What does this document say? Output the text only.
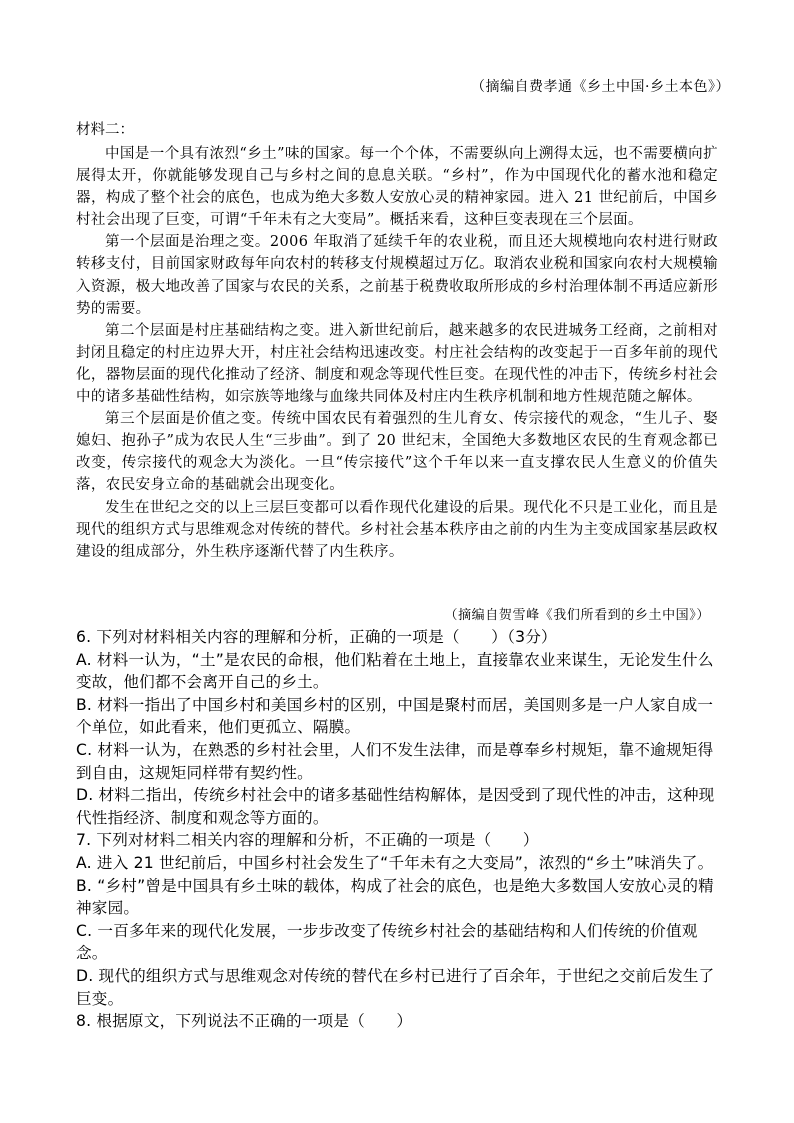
（摘编自费孝通《乡土中国·乡土本色》）
材料二：

中国是一个具有浓烈“乡土”味的国家。每一个个体，不需要纵向上溯得太远，也不需要横向扩展得太开，你就能够发现自己与乡村之间的息息关联。“乡村”，作为中国现代化的蓄水池和稳定器，构成了整个社会的底色，也成为绝大多数人安放心灵的精神家园。进入 21 世纪前后，中国乡村社会出现了巨变，可谓“千年未有之大变局”。概括来看，这种巨变表现在三个层面。

第一个层面是治理之变。2006 年取消了延续千年的农业税，而且还大规模地向农村进行财政转移支付，目前国家财政每年向农村的转移支付规模超过万亿。取消农业税和国家向农村大规模输入资源，极大地改善了国家与农民的关系，之前基于税费收取所形成的乡村治理体制不再适应新形势的需要。

第二个层面是村庄基础结构之变。进入新世纪前后，越来越多的农民进城务工经商，之前相对封闭且稳定的村庄边界大开，村庄社会结构迅速改变。村庄社会结构的改变起于一百多年前的现代化，器物层面的现代化推动了经济、制度和观念等现代性巨变。在现代性的冲击下，传统乡村社会中的诸多基础性结构，如宗族等地缘与血缘共同体及村庄内生秩序机制和地方性规范随之解体。

第三个层面是价值之变。传统中国农民有着强烈的生儿育女、传宗接代的观念，“生儿子、娶媳妇、抱孙子”成为农民人生“三步曲”。到了 20 世纪末，全国绝大多数地区农民的生育观念都已改变，传宗接代的观念大为淡化。一旦“传宗接代”这个千年以来一直支撑农民人生意义的价值失落，农民安身立命的基础就会出现变化。

发生在世纪之交的以上三层巨变都可以看作现代化建设的后果。现代化不只是工业化，而且是现代的组织方式与思维观念对传统的替代。乡村社会基本秩序由之前的内生为主变成国家基层政权建设的组成部分，外生秩序逐渐代替了内生秩序。

（摘编自贺雪峰《我们所看到的乡土中国》）

6. 下列对材料相关内容的理解和分析，正确的一项是（　　）（3分）

A. 材料一认为，“土”是农民的命根，他们粘着在土地上，直接靠农业来谋生，无论发生什么变故，他们都不会离开自己的乡土。

B. 材料一指出了中国乡村和美国乡村的区别，中国是聚村而居，美国则多是一户人家自成一个单位，如此看来，他们更孤立、隔膜。

C. 材料一认为，在熟悉的乡村社会里，人们不发生法律，而是尊奉乡村规矩，靠不逾规矩得到自由，这规矩同样带有契约性。

D. 材料二指出，传统乡村社会中的诸多基础性结构解体，是因受到了现代性的冲击，这种现代性指经济、制度和观念等方面的。

7. 下列对材料二相关内容的理解和分析，不正确的一项是（　　）

A. 进入 21 世纪前后，中国乡村社会发生了“千年未有之大变局”，浓烈的“乡土”味消失了。

B. “乡村”曾是中国具有乡土味的载体，构成了社会的底色，也是绝大多数国人安放心灵的精神家园。

C. 一百多年来的现代化发展，一步步改变了传统乡村社会的基础结构和人们传统的价值观念。

D. 现代的组织方式与思维观念对传统的替代在乡村已进行了百余年，于世纪之交前后发生了巨变。

8. 根据原文，下列说法不正确的一项是（　　）
